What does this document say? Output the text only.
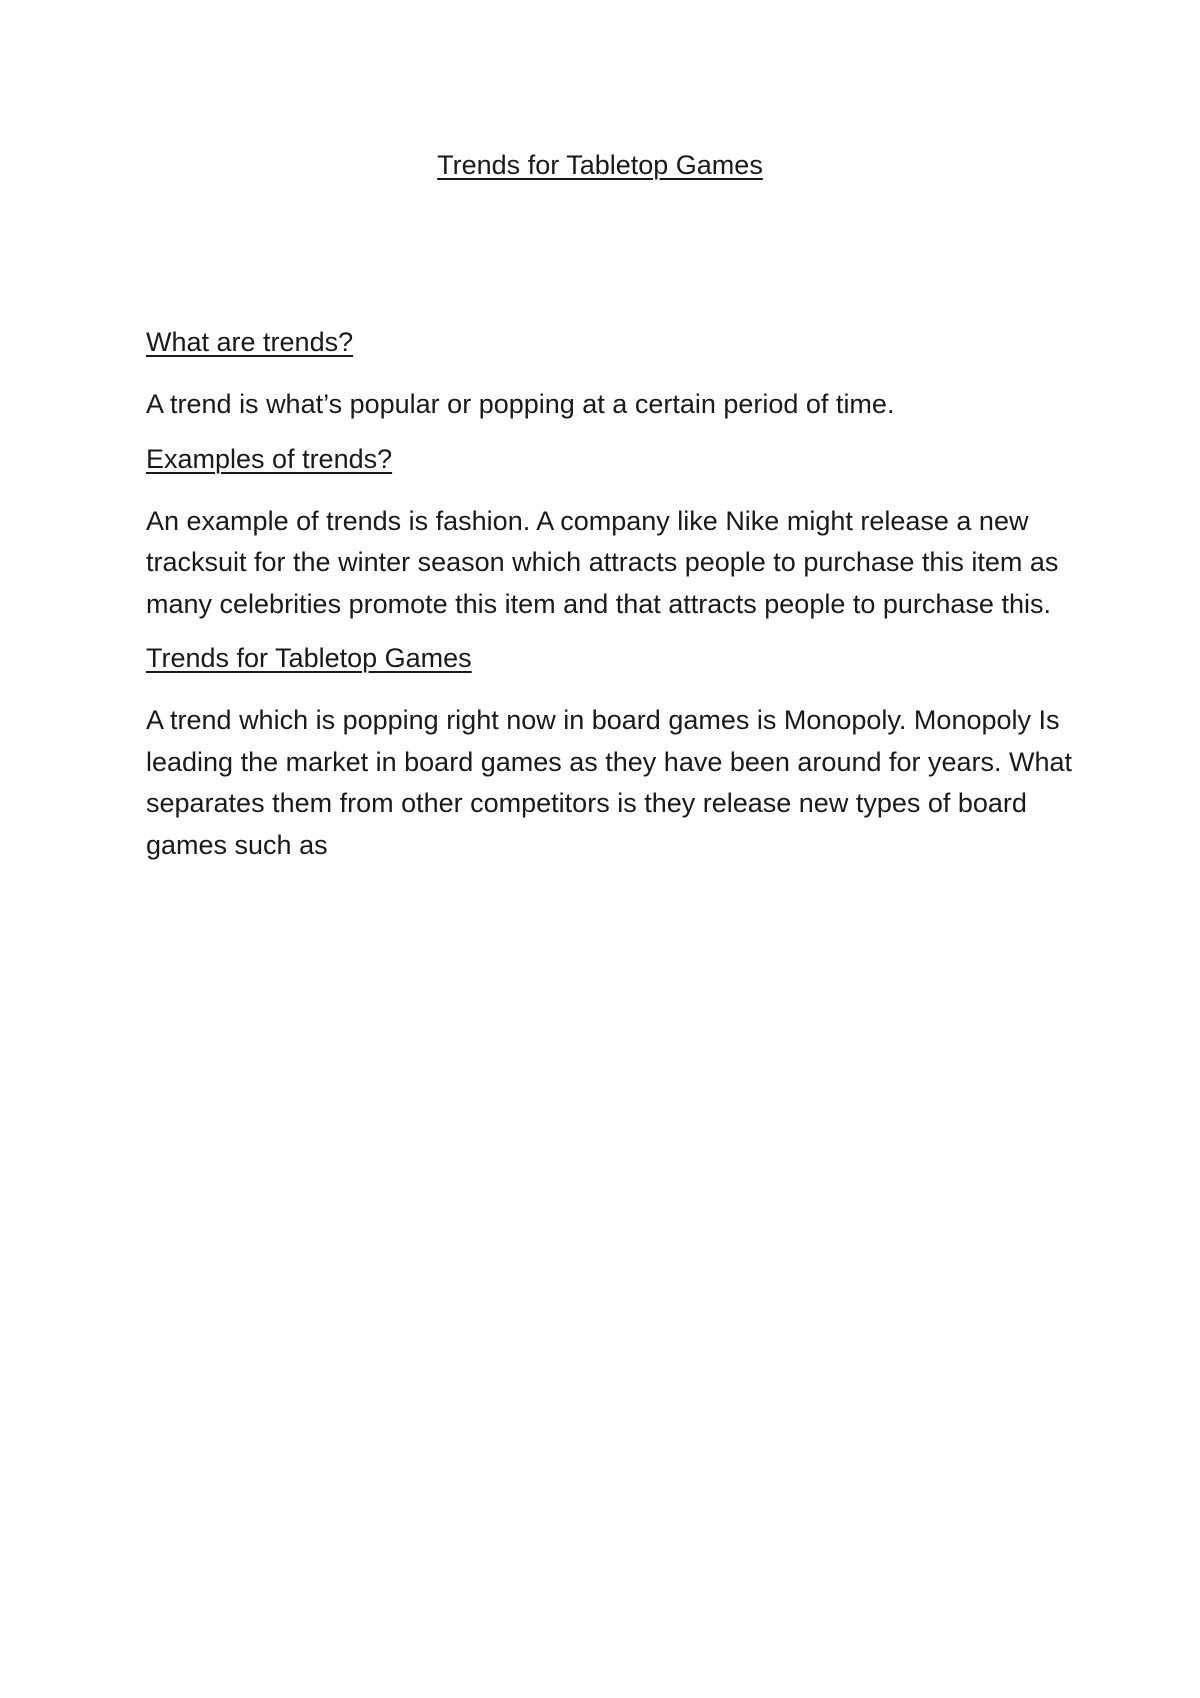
Trends for Tabletop Games
What are trends?
A trend is what’s popular or popping at a certain period of time.
Examples of trends?
An example of trends is fashion. A company like Nike might release a new tracksuit for the winter season which attracts people to purchase this item as many celebrities promote this item and that attracts people to purchase this.
Trends for Tabletop Games
A trend which is popping right now in board games is Monopoly. Monopoly Is leading the market in board games as they have been around for years. What separates them from other competitors is they release new types of board games such as
